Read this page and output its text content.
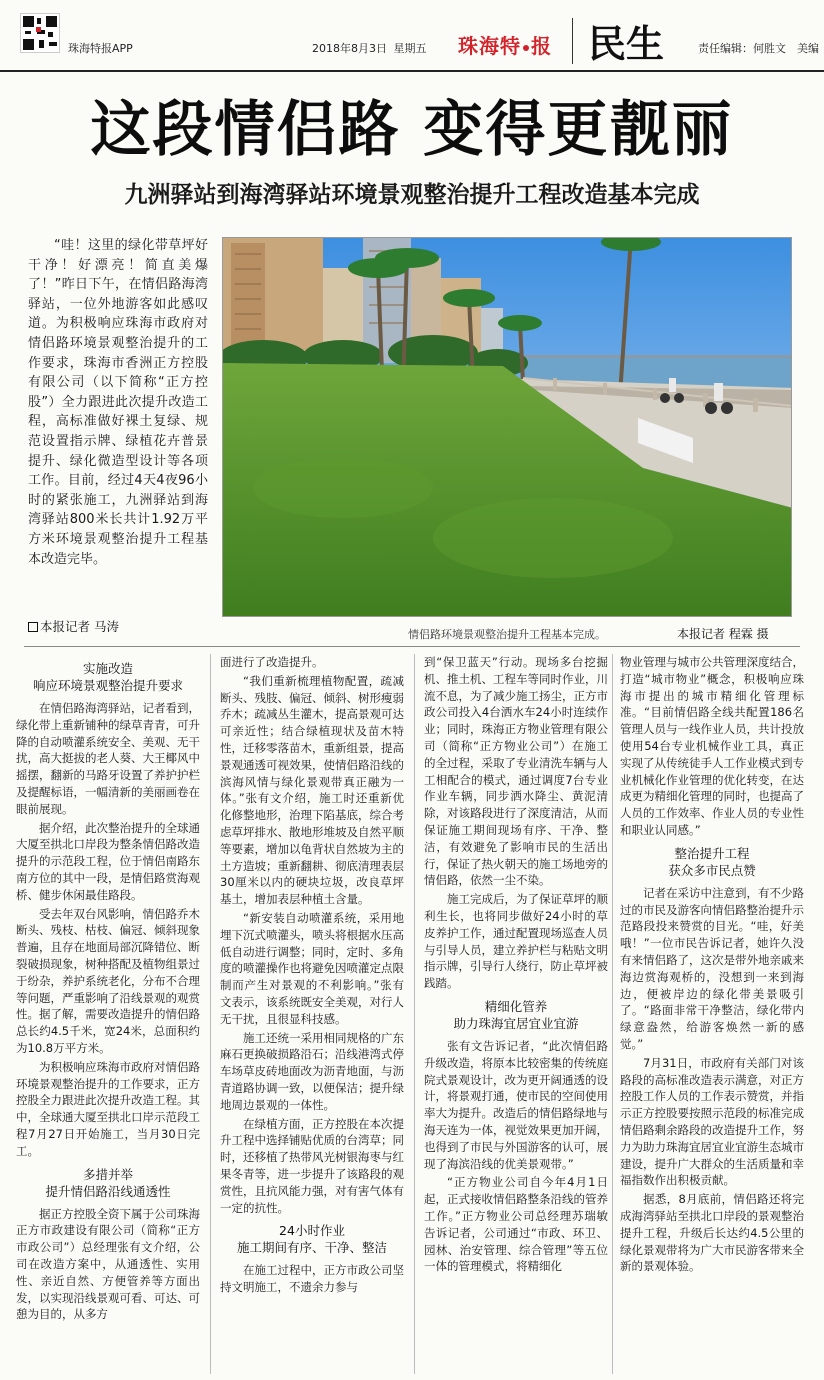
珠海特报APP	2018年8月3日 星期五 珠海特 报 民生	责任编辑：何胜文　美编
这段情侣路 变得更靓丽
九洲驿站到海湾驿站环境景观整治提升工程改造基本完成

“哇！这里的绿化带草坪好干净！好漂亮！简直美爆了！”昨日下午，在情侣路海湾驿站，一位外地游客如此感叹道。为积极响应珠海市政府对情侣路环境景观整治提升的工作要求，珠海市香洲正方控股有限公司（以下简称“正方控股”）全力跟进此次提升改造工程，高标准做好裸土复绿、规范设置指示牌、绿植花卉普景提升、绿化微造型设计等各项工作。目前，经过4天4夜96小时的紧张施工，九洲驿站到海湾驿站800米长共计1.92万平方米环境景观整治提升工程基本改造完毕。

本报记者 马涛
情侣路环境景观整治提升工程基本完成。	本报记者 程霖 摄
实施改造
响应环境景观整治提升要求

在情侣路海湾驿站，记者看到，绿化带上重新铺种的绿草青青，可升降的自动喷灌系统安全、美观、无干扰，高大挺拔的老人葵、大王椰风中摇摆，翻新的马路牙设置了养护护栏及提醒标语，一幅清新的美丽画卷在眼前展现。

据介绍，此次整治提升的全球通大厦至拱北口岸段为整条情侣路改造提升的示范段工程，位于情侣南路东南方位的其中一段，是情侣路赏海观桥、健步休闲最佳路段。

受去年双台风影响，情侣路乔木断头、残枝、枯枝、偏冠、倾斜现象普遍，且存在地面局部沉降错位、断裂破损现象，树种搭配及植物组景过于纷杂，养护系统老化，分布不合理等问题，严重影响了沿线景观的观赏性。据了解，需要改造提升的情侣路总长约4.5千米，宽24米，总面积约为10.8万平方米。

为积极响应珠海市政府对情侣路环境景观整治提升的工作要求，正方控股全力跟进此次提升改造工程。其中，全球通大厦至拱北口岸示范段工程7月27日开始施工，当月30日完工。

多措并举
提升情侣路沿线通透性

据正方控股全资下属于公司珠海正方市政建设有限公司（简称“正方市政公司”）总经理张有文介绍，公司在改造方案中，从通透性、实用性、亲近自然、方便管养等方面出发，以实现沿线景观可看、可达、可憩为目的，从多方

面进行了改造提升。

“我们重新梳理植物配置，疏减断头、残肢、偏冠、倾斜、树形瘦弱乔木；疏减丛生灌木，提高景观可达可亲近性；结合绿植现状及苗木特性，迁移零落苗木，重新组景，提高景观通透可视效果，使情侣路沿线的滨海风情与绿化景观带真正融为一体。”张有文介绍，施工时还重新优化修整地形，治理下陷基底，综合考虑草坪排水、散地形堆坡及自然平顺等要素，增加以龟背状自然坡为主的土方造坡；重新翻耕、彻底清理表层30厘米以内的硬块垃圾，改良草坪基土，增加表层种植土含量。

“新安装自动喷灌系统，采用地埋下沉式喷灌头，喷头将根据水压高低自动进行调整；同时，定时、多角度的喷灌操作也将避免因喷灌定点限制而产生对景观的不利影响。”张有文表示，该系统既安全美观，对行人无干扰，且很显科技感。

施工还统一采用相同规格的广东麻石更换破损路沿石；沿线港湾式停车场草皮砖地面改为沥青地面，与沥青道路协调一致，以便保洁；提升绿地周边景观的一体性。

在绿植方面，正方控股在本次提升工程中选择铺贴优质的台湾草；同时，还移植了热带风光树银海枣与红果冬青等，进一步提升了该路段的观赏性，且抗风能力强，对有害气体有一定的抗性。

24小时作业
施工期间有序、干净、整洁

在施工过程中，正方市政公司坚持文明施工，不遗余力参与

到“保卫蓝天”行动。现场多台挖掘机、推土机、工程车等同时作业，川流不息，为了减少施工扬尘，正方市政公司投入4台洒水车24小时连续作业；同时，珠海正方物业管理有限公司（简称“正方物业公司”）在施工的全过程，采取了专业清洗车辆与人工相配合的模式，通过调度7台专业作业车辆，同步洒水降尘、黄泥清除，对该路段进行了深度清洁，从而保证施工期间现场有序、干净、整洁，有效避免了影响市民的生活出行，保证了热火朝天的施工场地旁的情侣路，依然一尘不染。

施工完成后，为了保证草坪的顺利生长，也将同步做好24小时的草皮养护工作，通过配置现场巡查人员与引导人员，建立养护栏与粘贴文明指示牌，引导行人绕行，防止草坪被践踏。

精细化管养
助力珠海宜居宜业宜游

张有文告诉记者，“此次情侣路升级改造，将原本比较密集的传统庭院式景观设计，改为更开阔通透的设计，将景观打通，使市民的空间使用率大为提升。改造后的情侣路绿地与海天连为一体，视觉效果更加开阔，也得到了市民与外国游客的认可，展现了海滨沿线的优美景观带。”

“正方物业公司自今年4月1日起，正式接收情侣路整条沿线的管养工作。”正方物业公司总经理苏瑞敏告诉记者，公司通过“市政、环卫、园林、治安管理、综合管理”等五位一体的管理模式，将精细化

物业管理与城市公共管理深度结合，打造“城市物业”概念，积极响应珠海市提出的城市精细化管理标准。“目前情侣路全线共配置186名管理人员与一线作业人员，共计投放使用54台专业机械作业工具，真正实现了从传统徒手人工作业模式到专业机械化作业管理的优化转变，在达成更为精细化管理的同时，也提高了人员的工作效率、作业人员的专业性和职业认同感。”

整治提升工程
获众多市民点赞

记者在采访中注意到，有不少路过的市民及游客向情侣路整治提升示范路段投来赞赏的目光。“哇，好美哦！”一位市民告诉记者，她许久没有来情侣路了，这次是带外地亲戚来海边赏海观桥的，没想到一来到海边，便被岸边的绿化带美景吸引了。“路面非常干净整洁，绿化带内绿意盎然，给游客焕然一新的感觉。”

7月31日，市政府有关部门对该路段的高标准改造表示满意，对正方控股工作人员的工作表示赞赏，并指示正方控股要按照示范段的标准完成情侣路剩余路段的改造提升工作，努力为助力珠海宜居宜业宜游生态城市建设，提升广大群众的生活质量和幸福指数作出积极贡献。

据悉，8月底前，情侣路还将完成海湾驿站至拱北口岸段的景观整治提升工程，升级后长达约4.5公里的绿化景观带将为广大市民游客带来全新的景观体验。
